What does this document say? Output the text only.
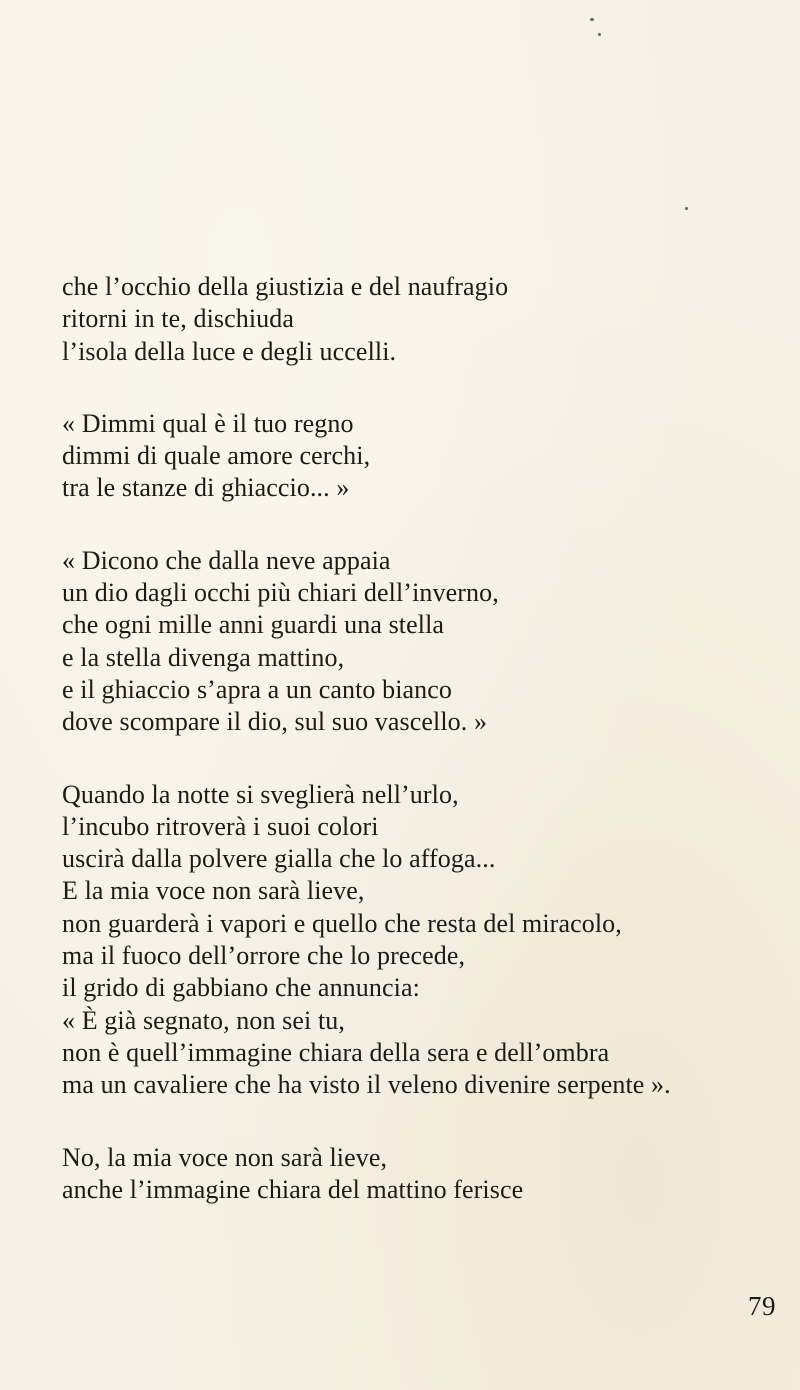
che l’occhio della giustizia e del naufragio
ritorni in te, dischiuda
l’isola della luce e degli uccelli.
« Dimmi qual è il tuo regno
dimmi di quale amore cerchi,
tra le stanze di ghiaccio... »
« Dicono che dalla neve appaia
un dio dagli occhi più chiari dell’inverno,
che ogni mille anni guardi una stella
e la stella divenga mattino,
e il ghiaccio s’apra a un canto bianco
dove scompare il dio, sul suo vascello. »
Quando la notte si sveglierà nell’urlo,
l’incubo ritroverà i suoi colori
uscirà dalla polvere gialla che lo affoga...
E la mia voce non sarà lieve,
non guarderà i vapori e quello che resta del miracolo,
ma il fuoco dell’orrore che lo precede,
il grido di gabbiano che annuncia:
« È già segnato, non sei tu,
non è quell’immagine chiara della sera e dell’ombra
ma un cavaliere che ha visto il veleno divenire serpente ».
No, la mia voce non sarà lieve,
anche l’immagine chiara del mattino ferisce
79
